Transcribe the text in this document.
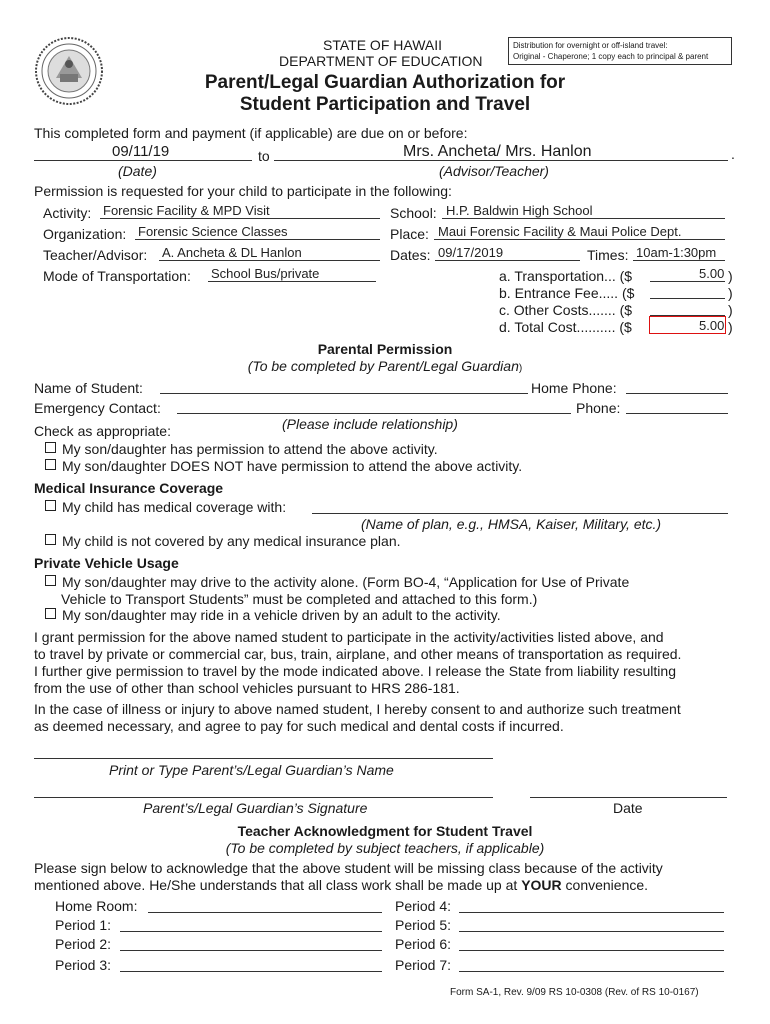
STATE OF HAWAII
DEPARTMENT OF EDUCATION
Distribution for overnight or off-island travel:
Original - Chaperone; 1 copy each to principal & parent
Parent/Legal Guardian Authorization for
Student Participation and Travel
This completed form and payment (if applicable) are due on or before:
09/11/19	to	Mrs. Ancheta/ Mrs. Hanlon	.
(Date)	(Advisor/Teacher)
Permission is requested for your child to participate in the following:
Activity: Forensic Facility & MPD Visit	School: H.P. Baldwin High School
Organization: Forensic Science Classes	Place: Maui Forensic Facility & Maui Police Dept.
Teacher/Advisor: A. Ancheta & DL Hanlon	Dates: 09/17/2019	Times: 10am-1:30pm
Mode of Transportation: School Bus/private	a. Transportation... ($	5.00 )
b. Entrance Fee..... ($	)
c. Other Costs....... ($	)
d. Total Cost.......... ($	5.00 )
Parental Permission
(To be completed by Parent/Legal Guardian)
Name of Student:	Home Phone:
Emergency Contact:	Phone:
(Please include relationship)
Check as appropriate:
My son/daughter has permission to attend the above activity.
My son/daughter DOES NOT have permission to attend the above activity.
Medical Insurance Coverage
My child has medical coverage with:
(Name of plan, e.g., HMSA, Kaiser, Military, etc.)
My child is not covered by any medical insurance plan.
Private Vehicle Usage
My son/daughter may drive to the activity alone. (Form BO-4, “Application for Use of Private
Vehicle to Transport Students” must be completed and attached to this form.)
My son/daughter may ride in a vehicle driven by an adult to the activity.
I grant permission for the above named student to participate in the activity/activities listed above, and
to travel by private or commercial car, bus, train, airplane, and other means of transportation as required.
I further give permission to travel by the mode indicated above. I release the State from liability resulting
from the use of other than school vehicles pursuant to HRS 286-181.
In the case of illness or injury to above named student, I hereby consent to and authorize such treatment
as deemed necessary, and agree to pay for such medical and dental costs if incurred.
Print or Type Parent’s/Legal Guardian’s Name
Parent’s/Legal Guardian’s Signature	Date
Teacher Acknowledgment for Student Travel
(To be completed by subject teachers, if applicable)
Please sign below to acknowledge that the above student will be missing class because of the activity
mentioned above. He/She understands that all class work shall be made up at YOUR convenience.
Home Room:
Period 1:
Period 2:
Period 3:
Period 4:
Period 5:
Period 6:
Period 7:
Form SA-1, Rev. 9/09 RS 10-0308 (Rev. of RS 10-0167)
